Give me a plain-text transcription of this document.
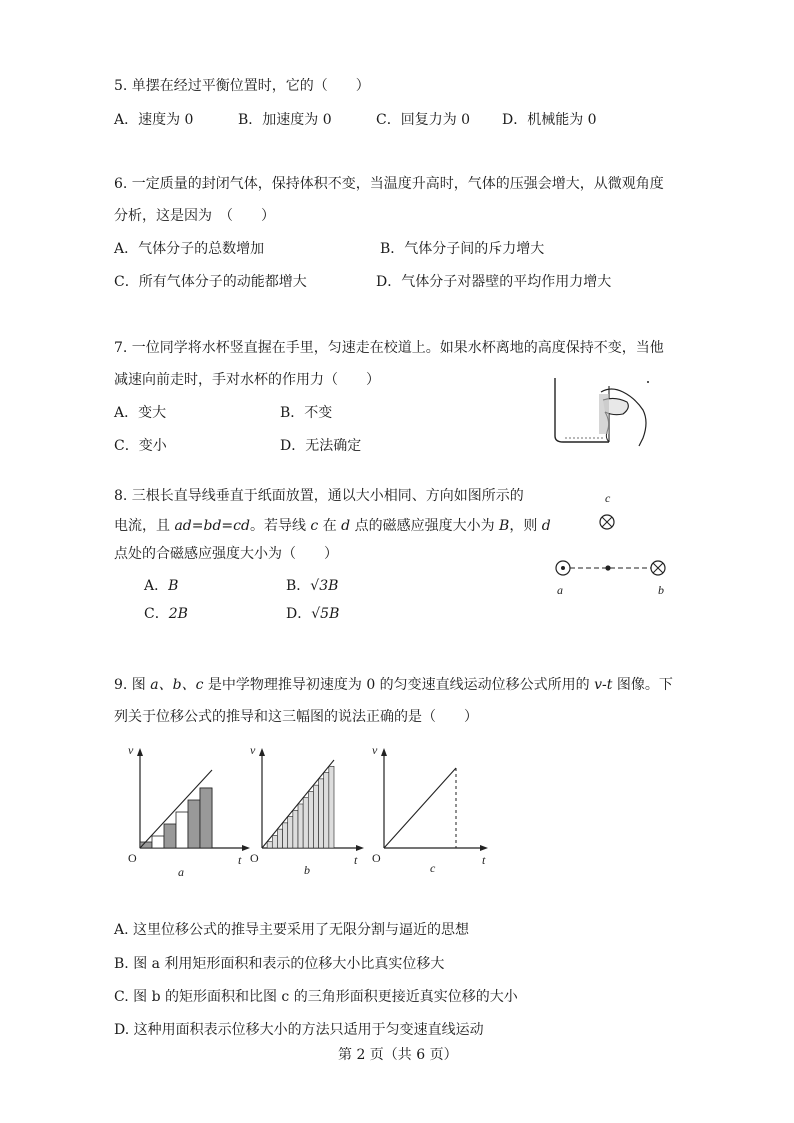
5. 单摆在经过平衡位置时，它的（　　）
A．速度为 0	B．加速度为 0	C．回复力为 0 D．机械能为 0
6. 一定质量的封闭气体，保持体积不变，当温度升高时，气体的压强会增大，从微观角度
分析，这是因为　（　　）
A．气体分子的总数增加	B．气体分子间的斥力增大
C．所有气体分子的动能都增大	D．气体分子对器壁的平均作用力增大
7. 一位同学将水杯竖直握在手里，匀速走在校道上。如果水杯离地的高度保持不变，当他
减速向前走时，手对水杯的作用力（　　）
A．变大	B．不变
C．变小	D．无法确定
8. 三根长直导线垂直于纸面放置，通以大小相同、方向如图所示的
电流，且 ad=bd=cd。若导线 c 在 d 点的磁感应强度大小为 B，则 d
点处的合磁感应强度大小为（　　）
A．B	B．√3B
C．2B	D．√5B
c
a	b
9. 图 a、b、c 是中学物理推导初速度为 0 的匀变速直线运动位移公式所用的 v-t 图像。下
列关于位移公式的推导和这三幅图的说法正确的是（　　）
v
t
O
a
v
t
O
b
v
t
O
c
A. 这里位移公式的推导主要采用了无限分割与逼近的思想
B. 图 a 利用矩形面积和表示的位移大小比真实位移大
C. 图 b 的矩形面积和比图 c 的三角形面积更接近真实位移的大小
D. 这种用面积表示位移大小的方法只适用于匀变速直线运动
第 2 页（共 6 页）
